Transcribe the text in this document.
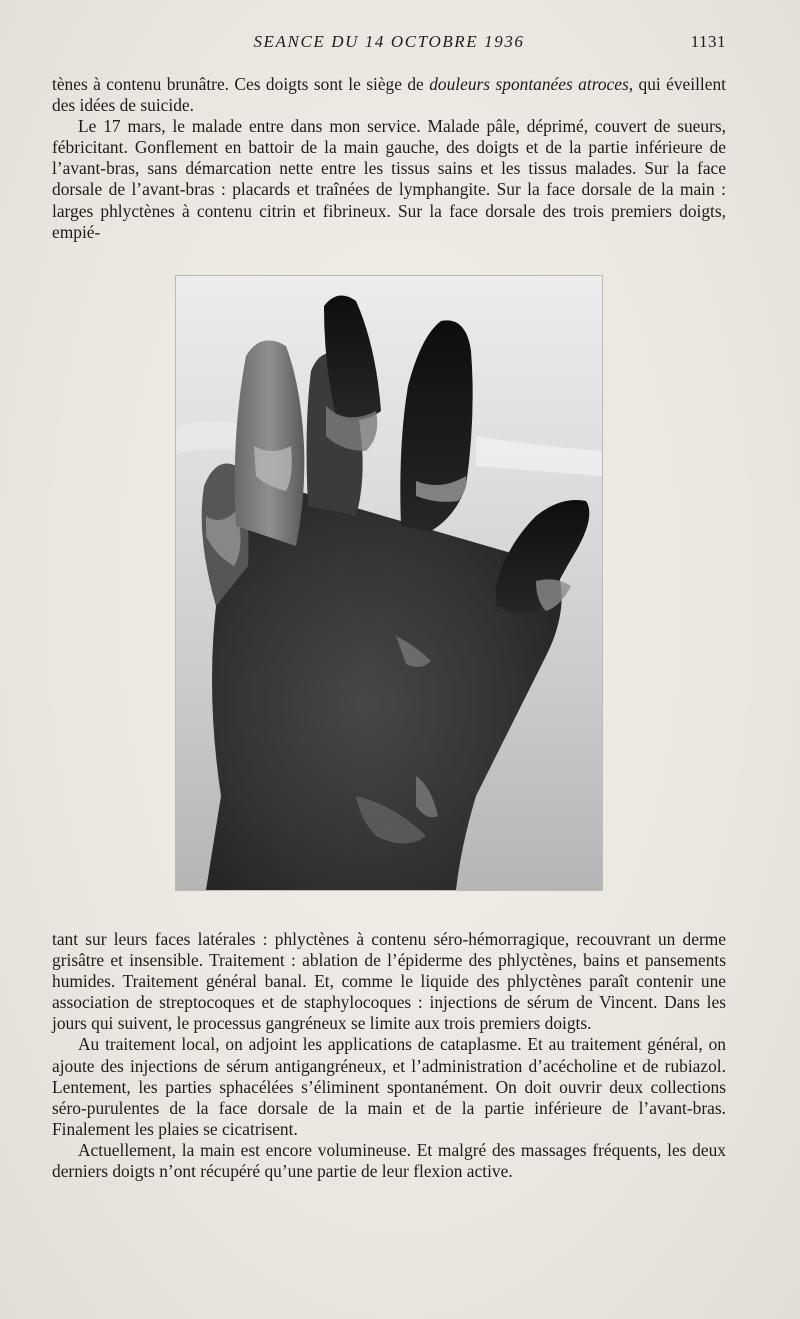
SEANCE DU 14 OCTOBRE 1936	1131

tènes à contenu brunâtre. Ces doigts sont le siège de douleurs spontanées atroces, qui éveillent des idées de suicide.

Le 17 mars, le malade entre dans mon service. Malade pâle, déprimé, couvert de sueurs, fébricitant. Gonflement en battoir de la main gauche, des doigts et de la partie inférieure de l’avant-bras, sans démarcation nette entre les tissus sains et les tissus malades. Sur la face dorsale de l’avant-bras : placards et traînées de lymphangite. Sur la face dorsale de la main : larges phlyctènes à contenu citrin et fibrineux. Sur la face dorsale des trois premiers doigts, empié-

tant sur leurs faces latérales : phlyctènes à contenu séro-hémorragique, recouvrant un derme grisâtre et insensible. Traitement : ablation de l’épiderme des phlyctènes, bains et pansements humides. Traitement général banal. Et, comme le liquide des phlyctènes paraît contenir une association de streptocoques et de staphylocoques : injections de sérum de Vincent. Dans les jours qui suivent, le processus gangréneux se limite aux trois premiers doigts.

Au traitement local, on adjoint les applications de cataplasme. Et au traitement général, on ajoute des injections de sérum antigangréneux, et l’administration d’acécholine et de rubiazol. Lentement, les parties sphacélées s’éliminent spontanément. On doit ouvrir deux collections séro-purulentes de la face dorsale de la main et de la partie inférieure de l’avant-bras. Finalement les plaies se cicatrisent.

Actuellement, la main est encore volumineuse. Et malgré des massages fréquents, les deux derniers doigts n’ont récupéré qu’une partie de leur flexion active.
